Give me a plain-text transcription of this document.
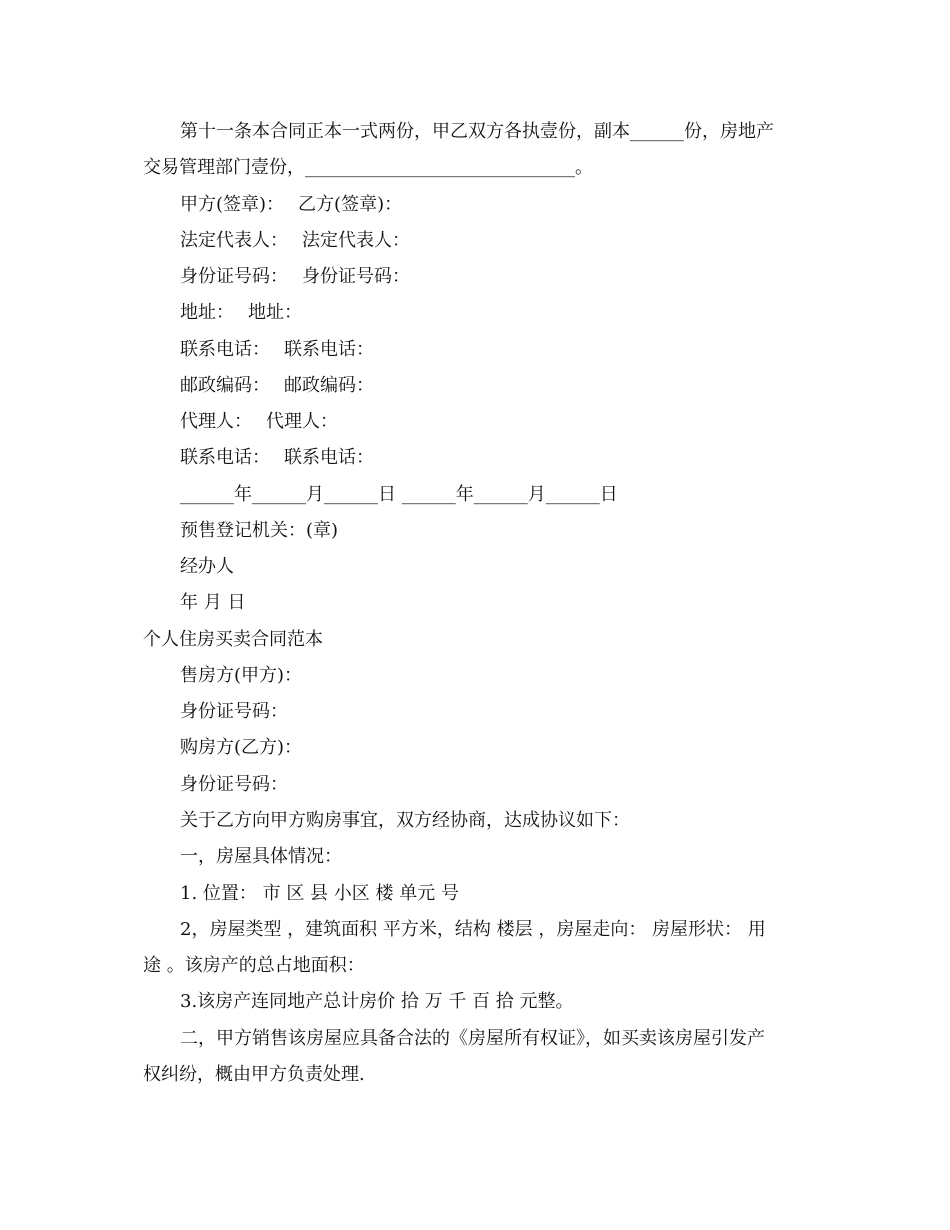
第十一条本合同正本一式两份，甲乙双方各执壹份，副本______份，房地产
交易管理部门壹份，______________________________。
甲方(签章)： 乙方(签章)：
法定代表人： 法定代表人：
身份证号码： 身份证号码：
地址： 地址：
联系电话： 联系电话：
邮政编码： 邮政编码：
代理人： 代理人：
联系电话： 联系电话：
______年______月______日 ______年______月______日
预售登记机关：(章)
经办人
年 月 日
个人住房买卖合同范本
售房方(甲方)：
身份证号码：
购房方(乙方)：
身份证号码：
关于乙方向甲方购房事宜，双方经协商，达成协议如下：
一，房屋具体情况：
1. 位置： 市 区 县 小区 楼 单元 号
2，房屋类型 ，建筑面积 平方米，结构 楼层 ，房屋走向： 房屋形状： 用
途 。该房产的总占地面积：
3.该房产连同地产总计房价 拾 万 千 百 拾 元整。
二，甲方销售该房屋应具备合法的《房屋所有权证》，如买卖该房屋引发产
权纠纷，概由甲方负责处理.
